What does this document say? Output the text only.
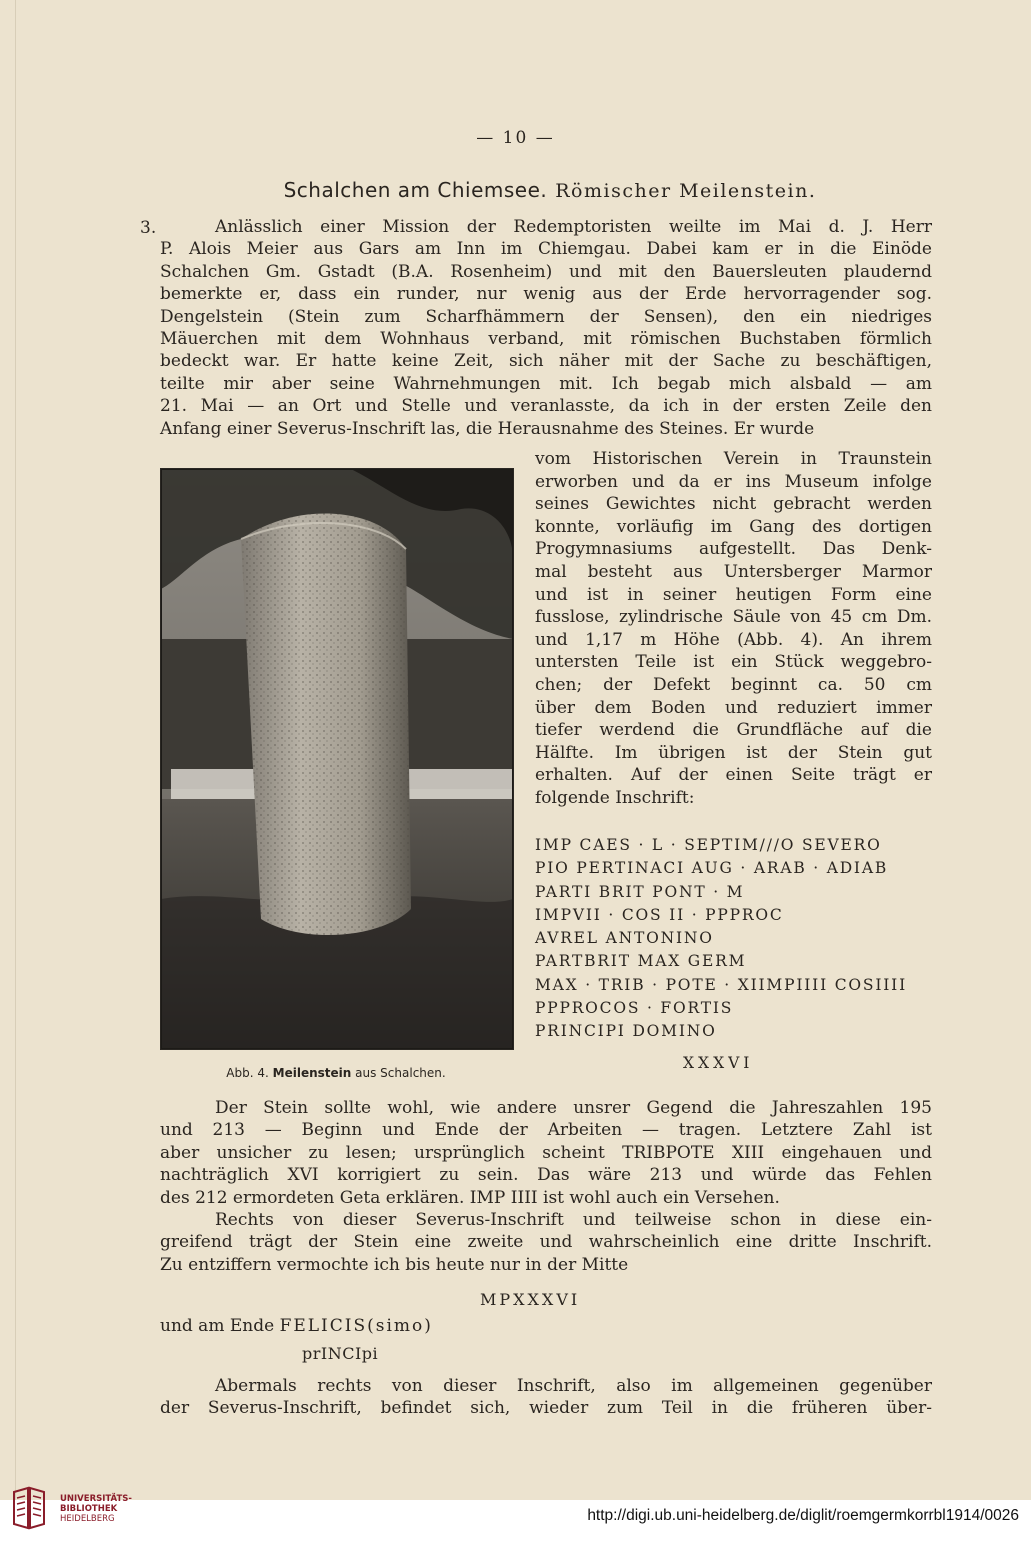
— 10 —
Schalchen am Chiemsee. Römischer Meilenstein.
3.	Anlässlich einer Mission der Redemptoristen weilte im Mai d. J. Herr
P. Alois Meier aus Gars am Inn im Chiemgau. Dabei kam er in die Einöde
Schalchen Gm. Gstadt (B.A. Rosenheim) und mit den Bauersleuten plaudernd
bemerkte er, dass ein runder, nur wenig aus der Erde hervorragender sog.
Dengelstein (Stein zum Scharfhämmern der Sensen), den ein niedriges
Mäuerchen mit dem Wohnhaus verband, mit römischen Buchstaben förmlich
bedeckt war. Er hatte keine Zeit, sich näher mit der Sache zu beschäftigen,
teilte mir aber seine Wahrnehmungen mit. Ich begab mich alsbald — am
21. Mai — an Ort und Stelle und veranlasste, da ich in der ersten Zeile den
Anfang einer Severus-Inschrift las, die Herausnahme des Steines. Er wurde
Abb. 4. Meilenstein aus Schalchen.
vom Historischen Verein in Traunstein
erworben und da er ins Museum infolge
seines Gewichtes nicht gebracht werden
konnte, vorläufig im Gang des dortigen
Progymnasiums aufgestellt. Das Denk-
mal besteht aus Untersberger Marmor
und ist in seiner heutigen Form eine
fusslose, zylindrische Säule von 45 cm Dm.
und 1,17 m Höhe (Abb. 4). An ihrem
untersten Teile ist ein Stück weggebro-
chen; der Defekt beginnt ca. 50 cm
über dem Boden und reduziert immer
tiefer werdend die Grundfläche auf die
Hälfte. Im übrigen ist der Stein gut
erhalten. Auf der einen Seite trägt er
folgende Inschrift:
IMP CAES · L · SEPTIM///O SEVERO
PIO PERTINACI AUG · ARAB · ADIAB
PARTI BRIT PONT · M
IMPVII · COS II · PPPROC
AVREL ANTONINO
PARTBRIT MAX GERM
MAX · TRIB · POTE · XIIMPIIII COSIIII
PPPROCOS · FORTIS
PRINCIPI DOMINO
XXXVI
Der Stein sollte wohl, wie andere unsrer Gegend die Jahreszahlen 195
und 213 — Beginn und Ende der Arbeiten — tragen. Letztere Zahl ist
aber unsicher zu lesen; ursprünglich scheint TRIBPOTE XIII eingehauen und
nachträglich XVI korrigiert zu sein. Das wäre 213 und würde das Fehlen
des 212 ermordeten Geta erklären. IMP IIII ist wohl auch ein Versehen.
Rechts von dieser Severus-Inschrift und teilweise schon in diese ein-
greifend trägt der Stein eine zweite und wahrscheinlich eine dritte Inschrift.
Zu entziffern vermochte ich bis heute nur in der Mitte
MPXXXVI
und am Ende FELICIS(simo)
prINCIpi
Abermals rechts von dieser Inschrift, also im allgemeinen gegenüber
der Severus-Inschrift, befindet sich, wieder zum Teil in die früheren über-
UNIVERSITÄTS-
BIBLIOTHEK
HEIDELBERG	http://digi.ub.uni-heidelberg.de/diglit/roemgermkorrbl1914/0026
